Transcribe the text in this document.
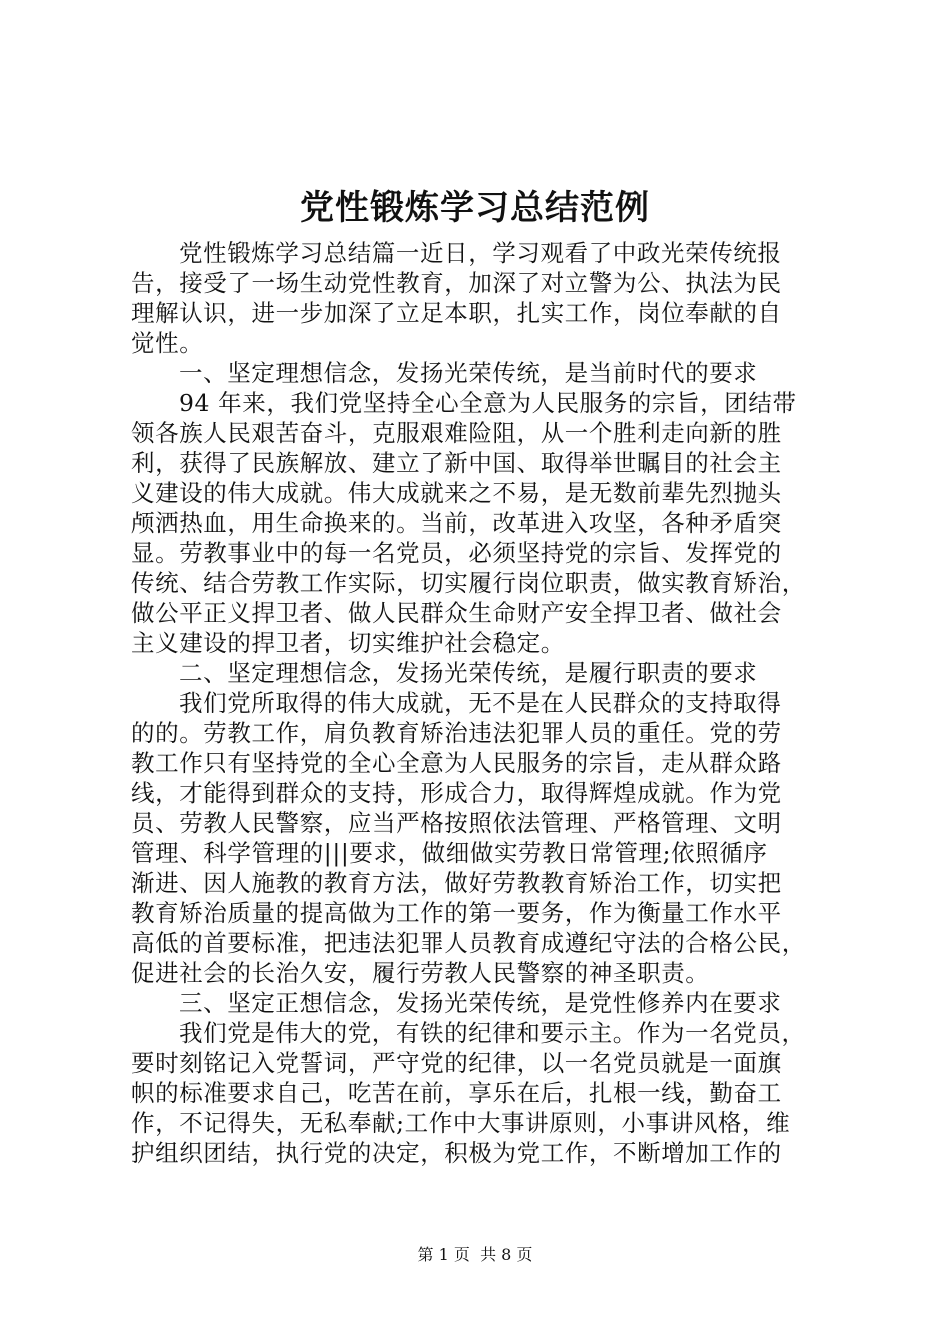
党性锻炼学习总结范例
党性锻炼学习总结篇一近日，学习观看了中政光荣传统报
告，接受了一场生动党性教育，加深了对立警为公、执法为民
理解认识，进一步加深了立足本职，扎实工作，岗位奉献的自
觉性。
一、坚定理想信念，发扬光荣传统，是当前时代的要求
94 年来，我们党坚持全心全意为人民服务的宗旨，团结带
领各族人民艰苦奋斗，克服艰难险阻，从一个胜利走向新的胜
利，获得了民族解放、建立了新中国、取得举世瞩目的社会主
义建设的伟大成就。伟大成就来之不易，是无数前辈先烈抛头
颅洒热血，用生命换来的。当前，改革进入攻坚，各种矛盾突
显。劳教事业中的每一名党员，必须坚持党的宗旨、发挥党的
传统、结合劳教工作实际，切实履行岗位职责，做实教育矫治，
做公平正义捍卫者、做人民群众生命财产安全捍卫者、做社会
主义建设的捍卫者，切实维护社会稳定。
二、坚定理想信念，发扬光荣传统，是履行职责的要求
我们党所取得的伟大成就，无不是在人民群众的支持取得
的的。劳教工作，肩负教育矫治违法犯罪人员的重任。党的劳
教工作只有坚持党的全心全意为人民服务的宗旨，走从群众路
线，才能得到群众的支持，形成合力，取得辉煌成就。作为党
员、劳教人民警察，应当严格按照依法管理、严格管理、文明
管理、科学管理的|||要求，做细做实劳教日常管理;依照循序
渐进、因人施教的教育方法，做好劳教教育矫治工作，切实把
教育矫治质量的提高做为工作的第一要务，作为衡量工作水平
高低的首要标准，把违法犯罪人员教育成遵纪守法的合格公民，
促进社会的长治久安，履行劳教人民警察的神圣职责。
三、坚定正想信念，发扬光荣传统，是党性修养内在要求
我们党是伟大的党，有铁的纪律和要示主。作为一名党员，
要时刻铭记入党誓词，严守党的纪律，以一名党员就是一面旗
帜的标准要求自己，吃苦在前，享乐在后，扎根一线，勤奋工
作，不记得失，无私奉献;工作中大事讲原则，小事讲风格，维
护组织团结，执行党的决定，积极为党工作，不断增加工作的
第 1 页  共 8 页
